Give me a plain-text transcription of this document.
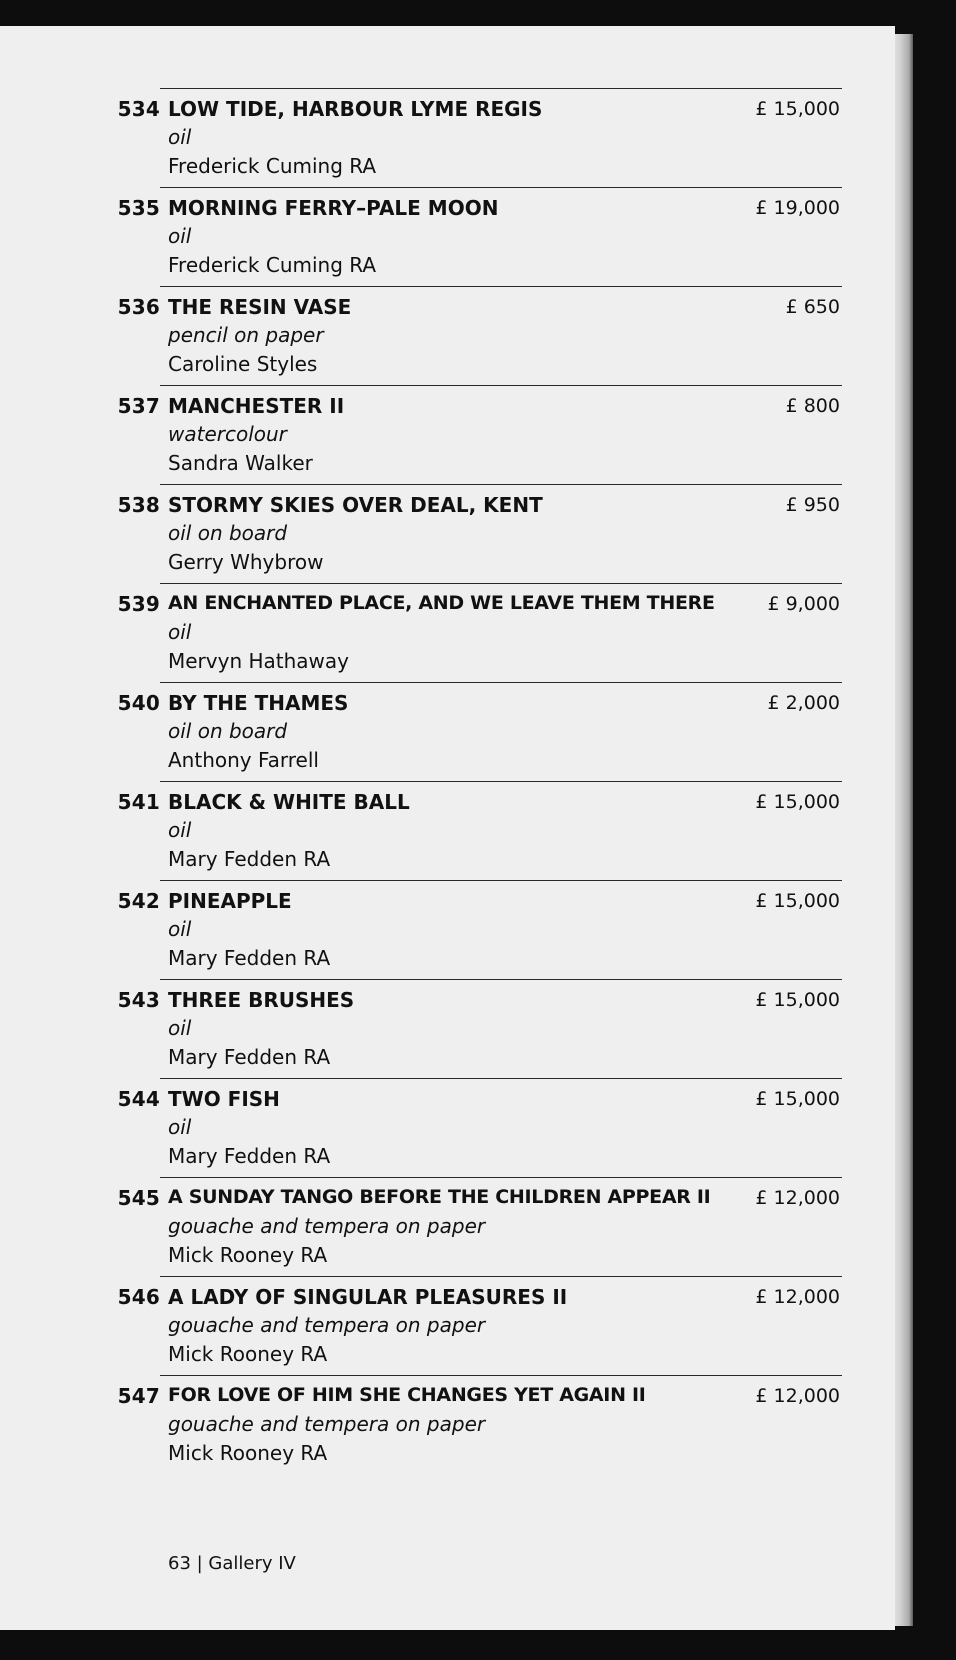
534 LOW TIDE, HARBOUR LYME REGIS
oil
Frederick Cuming RA
£ 15,000
535 MORNING FERRY–PALE MOON
oil
Frederick Cuming RA
£ 19,000
536 THE RESIN VASE
pencil on paper
Caroline Styles
£ 650
537 MANCHESTER II
watercolour
Sandra Walker
£ 800
538 STORMY SKIES OVER DEAL, KENT
oil on board
Gerry Whybrow
£ 950
539 AN ENCHANTED PLACE, AND WE LEAVE THEM THERE
oil
Mervyn Hathaway
£ 9,000
540 BY THE THAMES
oil on board
Anthony Farrell
£ 2,000
541 BLACK & WHITE BALL
oil
Mary Fedden RA
£ 15,000
542 PINEAPPLE
oil
Mary Fedden RA
£ 15,000
543 THREE BRUSHES
oil
Mary Fedden RA
£ 15,000
544 TWO FISH
oil
Mary Fedden RA
£ 15,000
545 A SUNDAY TANGO BEFORE THE CHILDREN APPEAR II
gouache and tempera on paper
Mick Rooney RA
£ 12,000
546 A LADY OF SINGULAR PLEASURES II
gouache and tempera on paper
Mick Rooney RA
£ 12,000
547 FOR LOVE OF HIM SHE CHANGES YET AGAIN II
gouache and tempera on paper
Mick Rooney RA
£ 12,000
63 | Gallery IV
